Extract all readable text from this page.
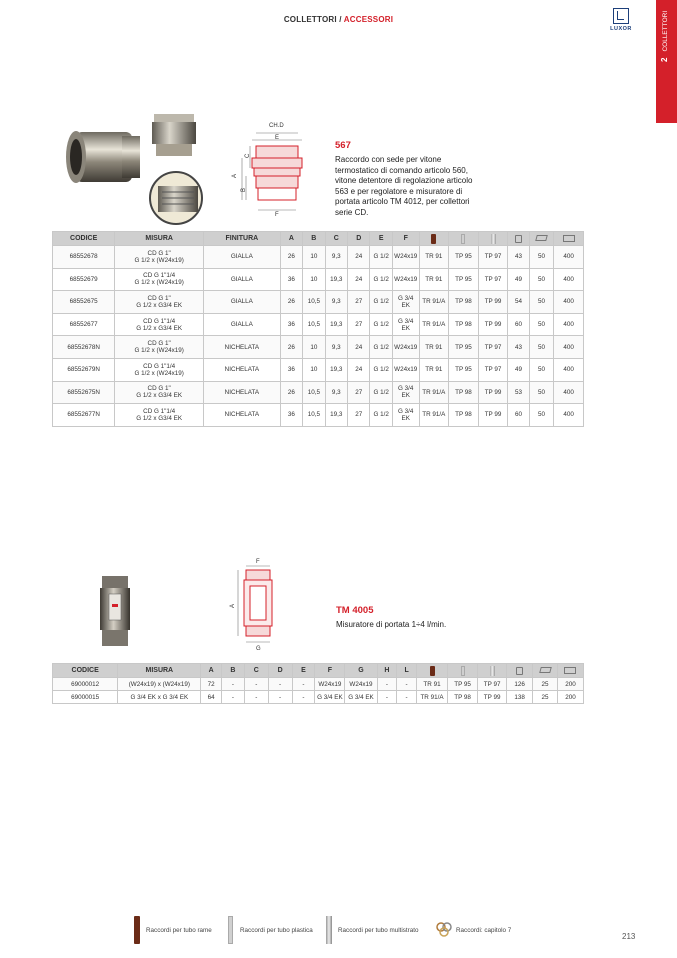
COLLETTORI / ACCESSORI
LUXOR
2COLLETTORI
CH.D
E
C
A
B
F
567
Raccordo con sede per vitone
termostatico di comando articolo 560,
vitone detentore di regolazione articolo
563 e per regolatore e misuratore di
portata articolo TM 4012, per collettori
serie CD.
CODICE	MISURA	FINITURA	A	B	C	D	E	F						
68552678	CD G 1"
G 1/2 x (W24x19)	GIALLA	26	10	9,3	24	G 1/2	W24x19	TR 91	TP 95	TP 97	43	50	400
68552679	CD G 1"1/4
G 1/2 x (W24x19)	GIALLA	36	10	19,3	24	G 1/2	W24x19	TR 91	TP 95	TP 97	49	50	400
68552675	CD G 1"
G 1/2 x G3/4 EK	GIALLA	26	10,5	9,3	27	G 1/2	G 3/4 EK	TR 91/A	TP 98	TP 99	54	50	400
68552677	CD G 1"1/4
G 1/2 x G3/4 EK	GIALLA	36	10,5	19,3	27	G 1/2	G 3/4 EK	TR 91/A	TP 98	TP 99	60	50	400
68552678N	CD G 1"
G 1/2 x (W24x19)	NICHELATA	26	10	9,3	24	G 1/2	W24x19	TR 91	TP 95	TP 97	43	50	400
68552679N	CD G 1"1/4
G 1/2 x (W24x19)	NICHELATA	36	10	19,3	24	G 1/2	W24x19	TR 91	TP 95	TP 97	49	50	400
68552675N	CD G 1"
G 1/2 x G3/4 EK	NICHELATA	26	10,5	9,3	27	G 1/2	G 3/4 EK	TR 91/A	TP 98	TP 99	53	50	400
68552677N	CD G 1"1/4
G 1/2 x G3/4 EK	NICHELATA	36	10,5	19,3	27	G 1/2	G 3/4 EK	TR 91/A	TP 98	TP 99	60	50	400
F
A
G
TM 4005
Misuratore di portata 1÷4 l/min.
CODICE	MISURA	A	B	C	D	E	F	G	H	L						
69000012	(W24x19) x (W24x19)	72	-	-	-	-	W24x19	W24x19	-	-	TR 91	TP 95	TP 97	126	25	200
69000015	G 3/4 EK x G 3/4 EK	64	-	-	-	-	G 3/4 EK	G 3/4 EK	-	-	TR 91/A	TP 98	TP 99	138	25	200
Raccordi per tubo rame	Raccordi per tubo plastica	Raccordi per tubo multistrato	Raccordi: capitolo 7
213
